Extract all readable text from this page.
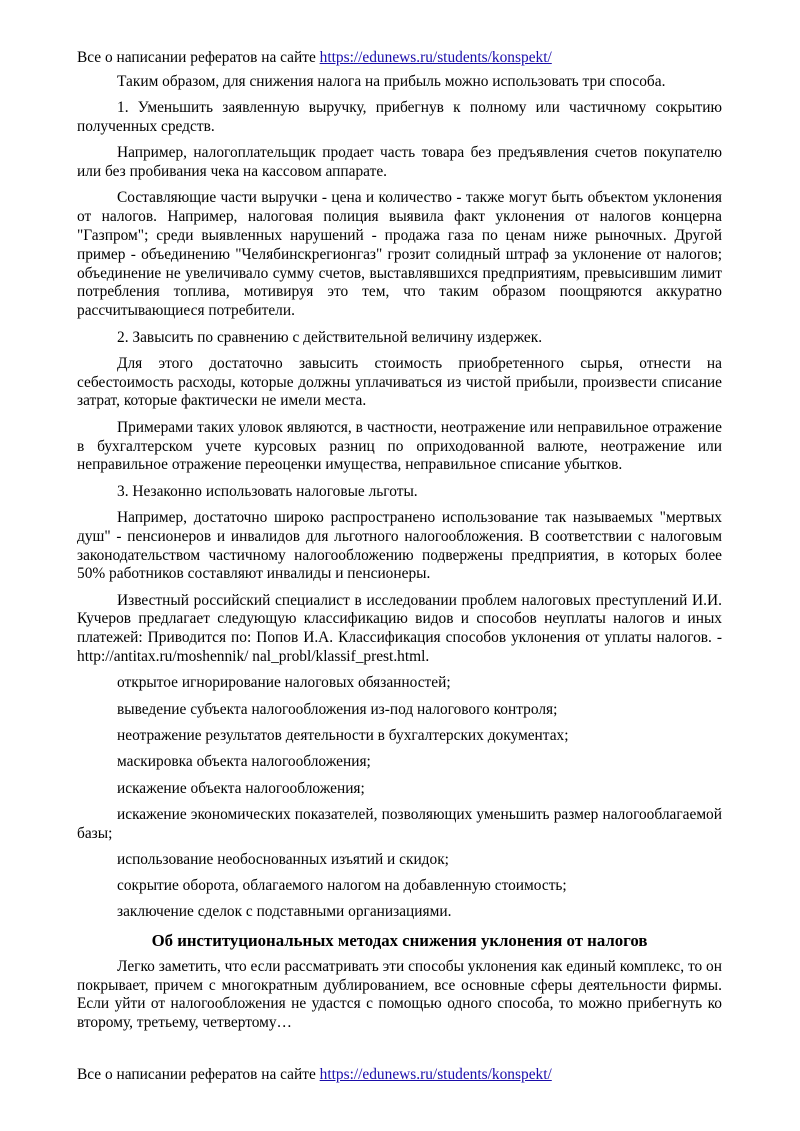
Все о написании рефератов на сайте https://edunews.ru/students/konspekt/

Таким образом, для снижения налога на прибыль можно использовать три способа.

1. Уменьшить заявленную выручку, прибегнув к полному или частичному сокрытию полученных средств.

Например, налогоплательщик продает часть товара без предъявления счетов покупателю или без пробивания чека на кассовом аппарате.

Составляющие части выручки - цена и количество - также могут быть объектом уклонения от налогов. Например, налоговая полиция выявила факт уклонения от налогов концерна "Газпром"; среди выявленных нарушений - продажа газа по ценам ниже рыночных. Другой пример - объединению "Челябинскрегионгаз" грозит солидный штраф за уклонение от налогов; объединение не увеличивало сумму счетов, выставлявшихся предприятиям, превысившим лимит потребления топлива, мотивируя это тем, что таким образом поощряются аккуратно рассчитывающиеся потребители.

2. Завысить по сравнению с действительной величину издержек.

Для этого достаточно завысить стоимость приобретенного сырья, отнести на себестоимость расходы, которые должны уплачиваться из чистой прибыли, произвести списание затрат, которые фактически не имели места.

Примерами таких уловок являются, в частности, неотражение или неправильное отражение в бухгалтерском учете курсовых разниц по оприходованной валюте, неотражение или неправильное отражение переоценки имущества, неправильное списание убытков.

3. Незаконно использовать налоговые льготы.

Например, достаточно широко распространено использование так называемых "мертвых душ" - пенсионеров и инвалидов для льготного налогообложения. В соответствии с налоговым законодательством частичному налогообложению подвержены предприятия, в которых более 50% работников составляют инвалиды и пенсионеры.

Известный российский специалист в исследовании проблем налоговых преступлений И.И. Кучеров предлагает следующую классификацию видов и способов неуплаты налогов и иных платежей: Приводится по: Попов И.А. Классификация способов уклонения от уплаты налогов. - http://antitax.ru/moshennik/ nal_probl/klassif_prest.html.

открытое игнорирование налоговых обязанностей;

выведение субъекта налогообложения из-под налогового контроля;

неотражение результатов деятельности в бухгалтерских документах;

маскировка объекта налогообложения;

искажение объекта налогообложения;

искажение экономических показателей, позволяющих уменьшить размер налогооблагаемой базы;

использование необоснованных изъятий и скидок;

сокрытие оборота, облагаемого налогом на добавленную стоимость;

заключение сделок с подставными организациями.

Об институциональных методах снижения уклонения от налогов

Легко заметить, что если рассматривать эти способы уклонения как единый комплекс, то он покрывает, причем с многократным дублированием, все основные сферы деятельности фирмы. Если уйти от налогообложения не удастся с помощью одного способа, то можно прибегнуть ко второму, третьему, четвертому…

Все о написании рефератов на сайте https://edunews.ru/students/konspekt/
